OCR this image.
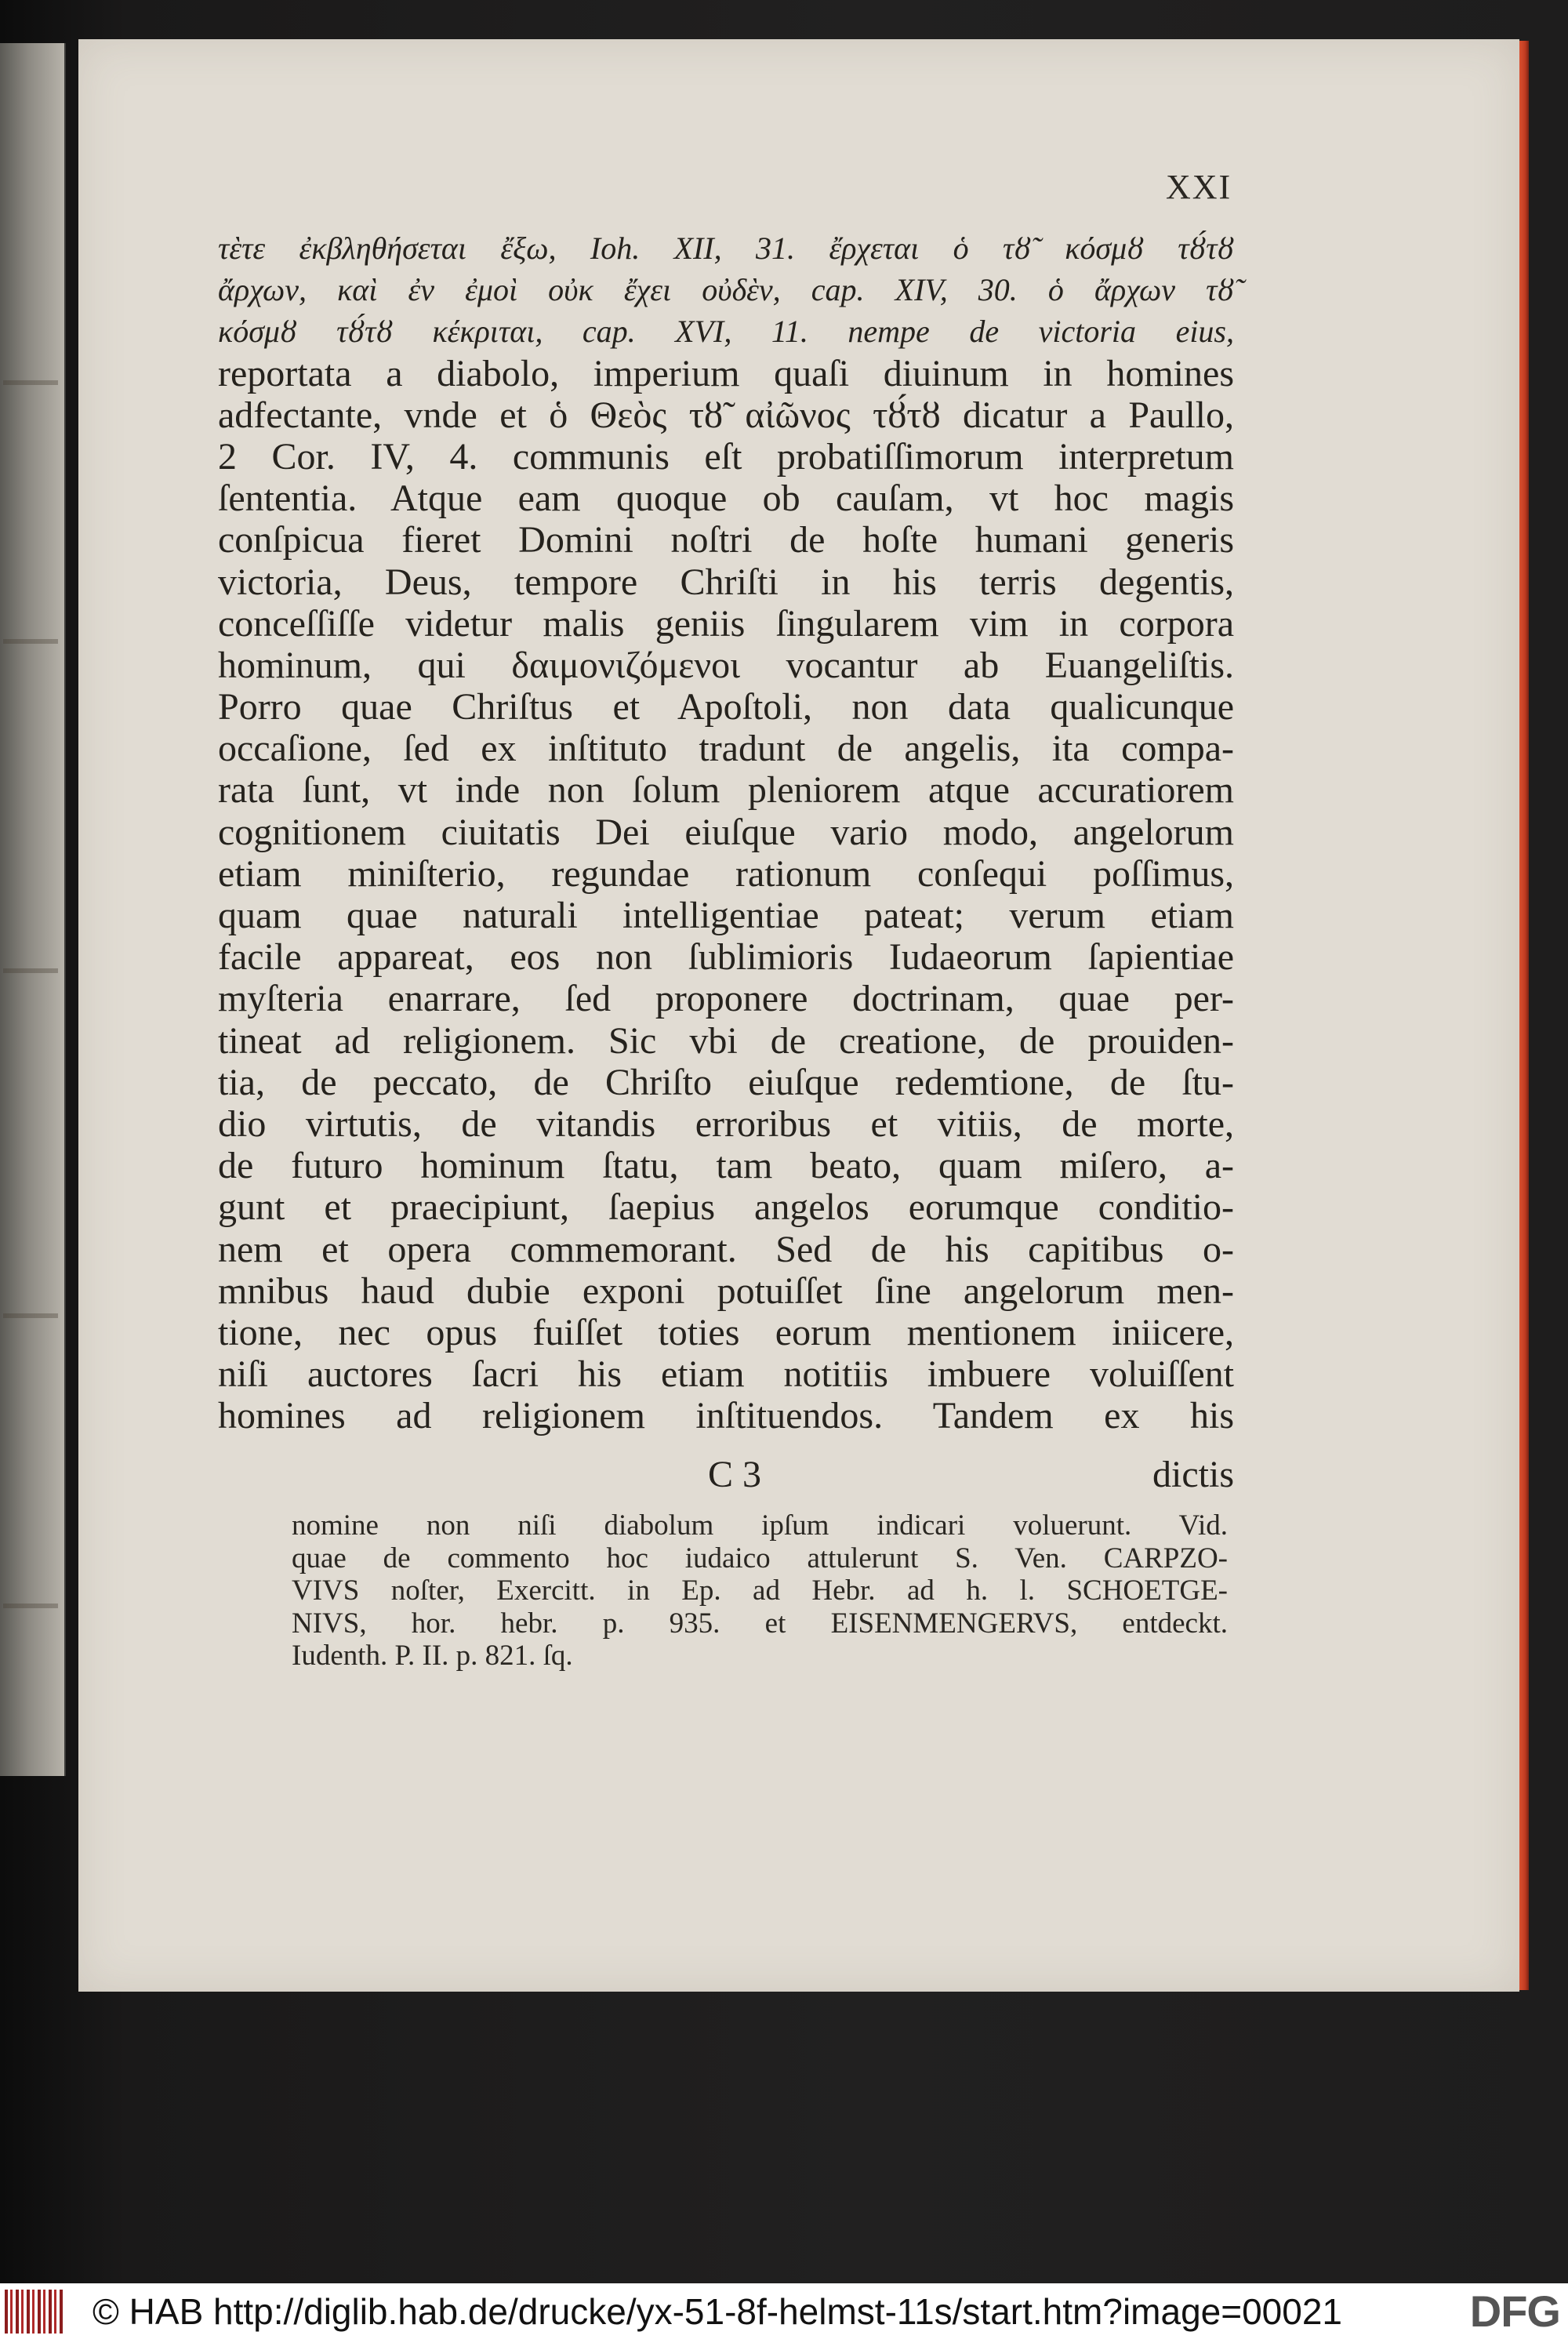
XXI
τὲτε ἐκβληθήσεται ἔξω, Ioh. XII, 31. ἔρχεται ὁ τȣ̃ κόσμȣ τȣ́τȣ
ἄρχων, καὶ ἐν ἐμοὶ οὐκ ἔχει οὐδὲν, cap. XIV, 30. ὁ ἄρχων τȣ̃
κόσμȣ τȣ́τȣ κέκριται, cap. XVI, 11. nempe de victoria eius,
reportata a diabolo, imperium quaſi diuinum in homines
adfectante, vnde et ὁ Θεὸς τȣ̃ αἰῶνος τȣ́τȣ dicatur a Paullo,
2 Cor. IV, 4. communis eſt probatiſſimorum interpretum
ſententia. Atque eam quoque ob cauſam, vt hoc magis
conſpicua fieret Domini noſtri de hoſte humani generis
victoria, Deus, tempore Chriſti in his terris degentis,
conceſſiſſe videtur malis geniis ſingularem vim in corpora
hominum, qui δαιμονιζόμενοι vocantur ab Euangeliſtis.
Porro quae Chriſtus et Apoſtoli, non data qualicunque
occaſione, ſed ex inſtituto tradunt de angelis, ita compa-
rata ſunt, vt inde non ſolum pleniorem atque accuratiorem
cognitionem ciuitatis Dei eiuſque vario modo, angelorum
etiam miniſterio, regundae rationum conſequi poſſimus,
quam quae naturali intelligentiae pateat; verum etiam
facile appareat, eos non ſublimioris Iudaeorum ſapientiae
myſteria enarrare, ſed proponere doctrinam, quae per-
tineat ad religionem. Sic vbi de creatione, de prouiden-
tia, de peccato, de Chriſto eiuſque redemtione, de ſtu-
dio virtutis, de vitandis erroribus et vitiis, de morte,
de futuro hominum ſtatu, tam beato, quam miſero, a-
gunt et praecipiunt, ſaepius angelos eorumque conditio-
nem et opera commemorant. Sed de his capitibus o-
mnibus haud dubie exponi potuiſſet ſine angelorum men-
tione, nec opus fuiſſet toties eorum mentionem iniicere,
niſi auctores ſacri his etiam notitiis imbuere voluiſſent
homines ad religionem inſtituendos. Tandem ex his
C 3	dictis
nomine non niſi diabolum ipſum indicari voluerunt. Vid.
quae de commento hoc iudaico attulerunt S. Ven. CARPZO-
VIVS noſter, Exercitt. in Ep. ad Hebr. ad h. l. SCHOETGE-
NIVS, hor. hebr. p. 935. et EISENMENGERVS, entdeckt.
Iudenth. P. II. p. 821. ſq.
© HAB http://diglib.hab.de/drucke/yx-51-8f-helmst-11s/start.htm?image=00021	DFG
